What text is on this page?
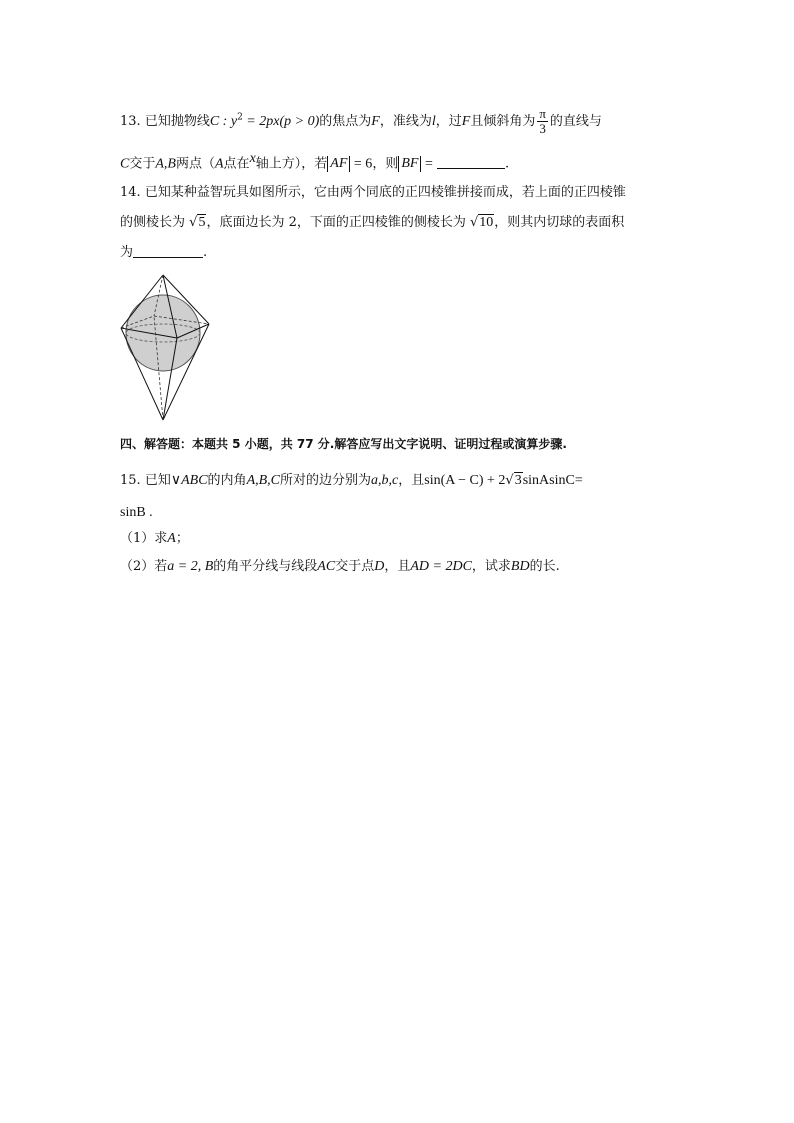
13. 已知抛物线C : $y^2 = 2px(p > 0)$的焦点为F，准线为l，过F且倾斜角为 $\frac{\pi}{3}$ 的直线与
C交于A,B两点（A点在$^x$轴上方），若 AF = 6，则 BF =	.
14. 已知某种益智玩具如图所示，它由两个同底的正四棱锥拼接而成，若上面的正四棱锥
的侧棱长为 √5，底面边长为 2，下面的正四棱锥的侧棱长为 √10，则其内切球的表面积
为	.
四、解答题：本题共 5 小题，共 77 分.解答应写出文字说明、证明过程或演算步骤.
15. 已知∨ABC的内角A,B,C所对的边分别为a,b,c，且sin(A − C) + 2√3sinAsinC=
sinB .
（1）求A；
（2）若a = 2, B的角平分线与线段AC交于点D，且AD = 2DC，试求BD的长.
